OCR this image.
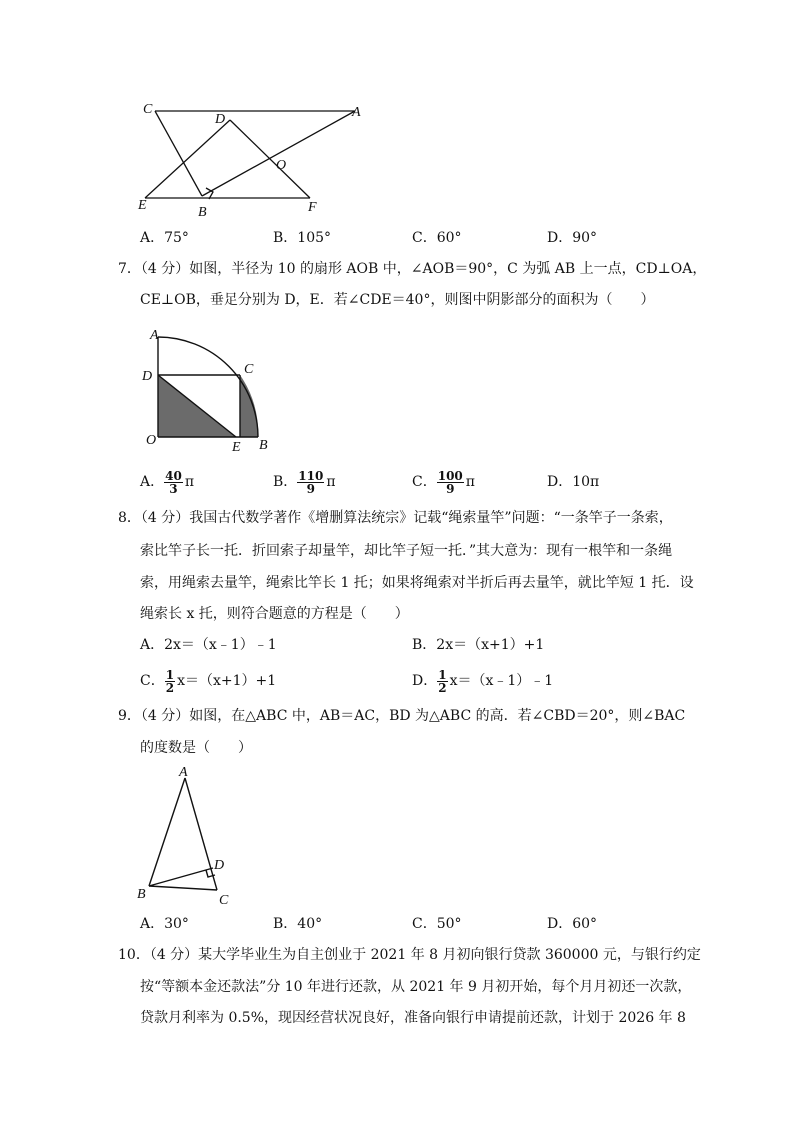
C	A
D
O
E	B	F
A．75°	B．105°	C．60°	D．90°
7．（4 分）如图，半径为 10 的扇形 AOB 中，∠AOB＝90°，C 为弧 AB 上一点，CD⊥OA，
CE⊥OB，垂足分别为 D，E．若∠CDE＝40°，则图中阴影部分的面积为（　　）
A
C
D
O	E B
A． $\frac{40}{3}$ π	B． $\frac{110}{9}$ π	C． $\frac{100}{9}$ π	D．10π
8．（4 分）我国古代数学著作《增删算法统宗》记载“绳索量竿”问题：“一条竿子一条索，
索比竿子长一托．折回索子却量竿，却比竿子短一托．”其大意为：现有一根竿和一条绳
索，用绳索去量竿，绳索比竿长 1 托；如果将绳索对半折后再去量竿，就比竿短 1 托．设
绳索长 x 托，则符合题意的方程是（　　）
A．2x＝（x﹣1）﹣1	B．2x＝（x+1）+1
C． $\frac{1}{2} x=(x+1)+1$	D． $\frac{1}{2}$ x＝（x﹣1）﹣1
9．（4 分）如图，在△ABC 中，AB＝AC，BD 为△ABC 的高．若∠CBD＝20°，则∠BAC
的度数是（　　）
A
D
B	C
A．30°	B．40°	C．50°	D．60°
10．（4 分）某大学毕业生为自主创业于 2021 年 8 月初向银行贷款 360000 元，与银行约定
按“等额本金还款法”分 10 年进行还款，从 2021 年 9 月初开始，每个月月初还一次款，
贷款月利率为 0.5%，现因经营状况良好，准备向银行申请提前还款，计划于 2026 年 8
